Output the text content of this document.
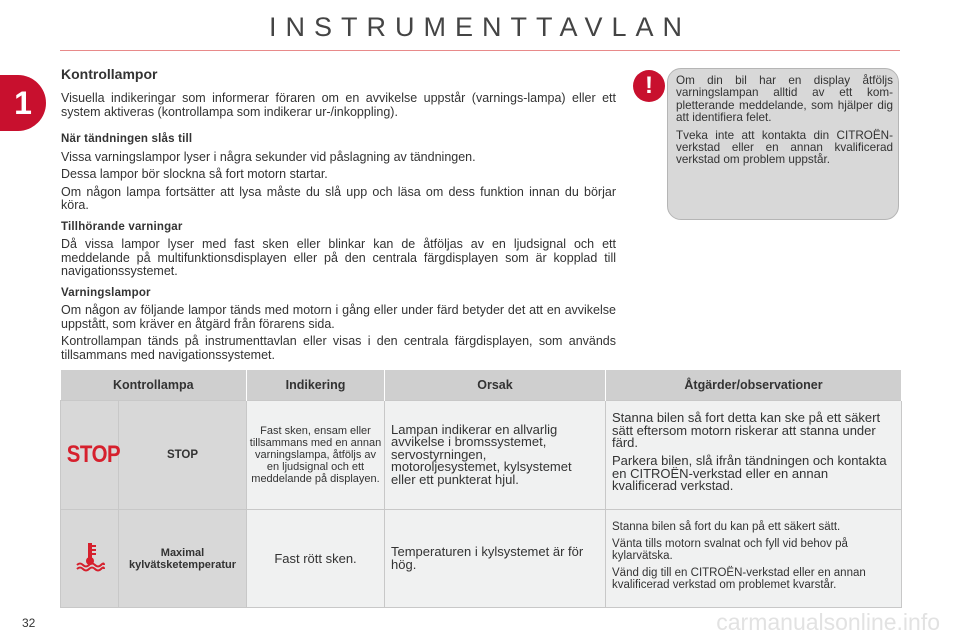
INSTRUMENTTAVLAN
1
Kontrollampor

Visuella indikeringar som informerar föraren om en avvikelse uppstår (varnings-lampa) eller ett system aktiveras (kontrollampa som indikerar ur-/inkoppling).

När tändningen slås till

Vissa varningslampor lyser i några sekunder vid påslagning av tändningen.

Dessa lampor bör slockna så fort motorn startar.

Om någon lampa fortsätter att lysa måste du slå upp och läsa om dess funktion innan du börjar köra.

Tillhörande varningar

Då vissa lampor lyser med fast sken eller blinkar kan de åtföljas av en ljudsignal och ett meddelande på multifunktionsdisplayen eller på den centrala färgdisplayen som är kopplad till navigationssystemet.

Varningslampor

Om någon av följande lampor tänds med motorn i gång eller under färd betyder det att en avvikelse uppstått, som kräver en åtgärd från förarens sida.

Kontrollampan tänds på instrumenttavlan eller visas i den centrala färgdisplayen, som används tillsammans med navigationssystemet.

!	Om din bil har en display åtföljs varningslampan alltid av ett kom-pletterande meddelande, som hjälper dig att identifiera felet.

Tveka inte att kontakta din CITROËN-verkstad eller en annan kvalificerad verkstad om problem uppstår.

Kontrollampa		Indikering	Orsak	Åtgärder/observationer
STOP	STOP	Fast sken, ensam eller tillsammans med en annan varningslampa, åtföljs av en ljudsignal och ett meddelande på displayen.	Lampan indikerar en allvarlig avvikelse i bromssystemet, servostyrningen, motoroljesystemet, kylsystemet eller ett punkterat hjul.	Stanna bilen så fort detta kan ske på ett säkert sätt eftersom motorn riskerar att stanna under färd.

Parkera bilen, slå ifrån tändningen och kontakta en CITROËN-verkstad eller en annan kvalificerad verkstad.

	Maximal kylvätsketemperatur	Fast rött sken.	Temperaturen i kylsystemet är för hög.	Stanna bilen så fort du kan på ett säkert sätt.

Vänta tills motorn svalnat och fyll vid behov på kylarvätska.

Vänd dig till en CITROËN-verkstad eller en annan kvalificerad verkstad om problemet kvarstår.

32	carmanualsonline.info
